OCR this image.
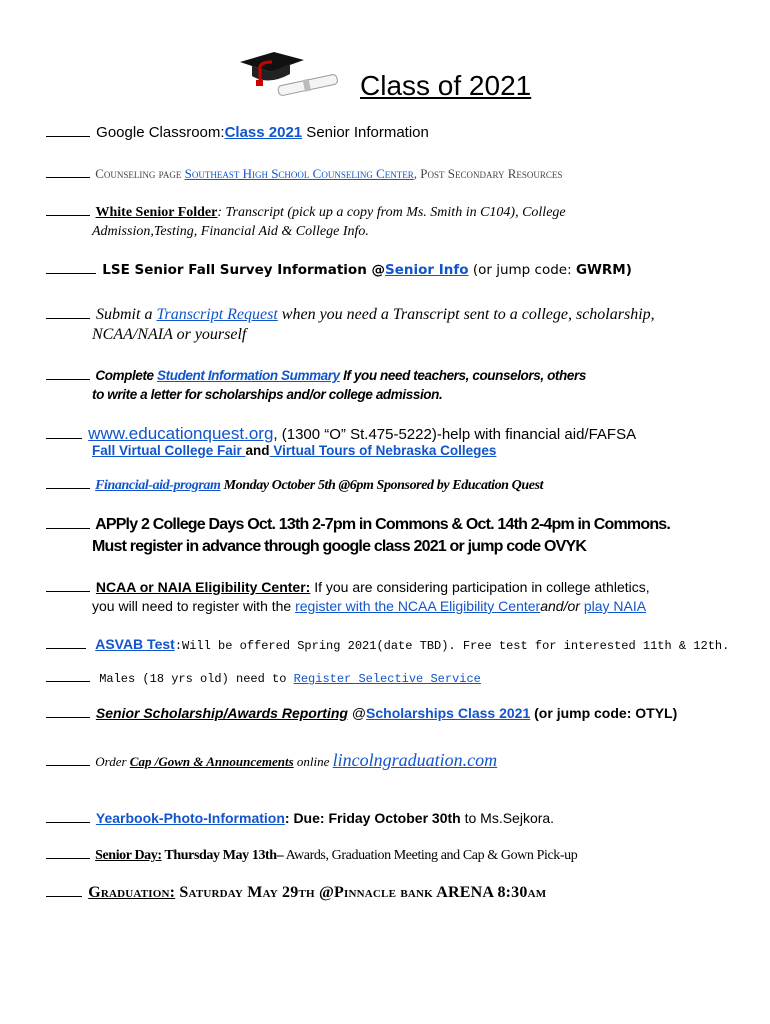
Class of 2021
Google Classroom:Class 2021 Senior Information
Counseling page Southeast High School Counseling Center, Post Secondary Resources
White Senior Folder: Transcript (pick up a copy from Ms. Smith in C104), College
Admission,Testing, Financial Aid & College Info.
LSE Senior Fall Survey Information @Senior Info (or jump code: GWRM)
Submit a Transcript Request when you need a Transcript sent to a college, scholarship,
NCAA/NAIA or yourself
Complete Student Information Summary If you need teachers, counselors, others
to write a letter for scholarships and/or college admission.
www.educationquest.org, (1300 “O” St.475-5222)-help with financial aid/FAFSA
Fall Virtual College Fair and Virtual Tours of Nebraska Colleges
Financial-aid-program Monday October 5th @6pm Sponsored by Education Quest
APPly 2 College Days Oct. 13th 2-7pm in Commons & Oct. 14th 2-4pm in Commons.
Must register in advance through google class 2021 or jump code OVYK
NCAA or NAIA Eligibility Center: If you are considering participation in college athletics,
you will need to register with the register with the NCAA Eligibility Centerand/or play NAIA
ASVAB Test:Will be offered Spring 2021(date TBD). Free test for interested 11th & 12th.
Males (18 yrs old) need to Register Selective Service
Senior Scholarship/Awards Reporting @Scholarships Class 2021 (or jump code: OTYL)
Order Cap /Gown & Announcements online lincolngraduation.com
Yearbook-Photo-Information: Due: Friday October 30th to Ms.Sejkora.
Senior Day: Thursday May 13th– Awards, Graduation Meeting and Cap & Gown Pick-up
Graduation: Saturday May 29th @Pinnacle bank ARENA 8:30am
